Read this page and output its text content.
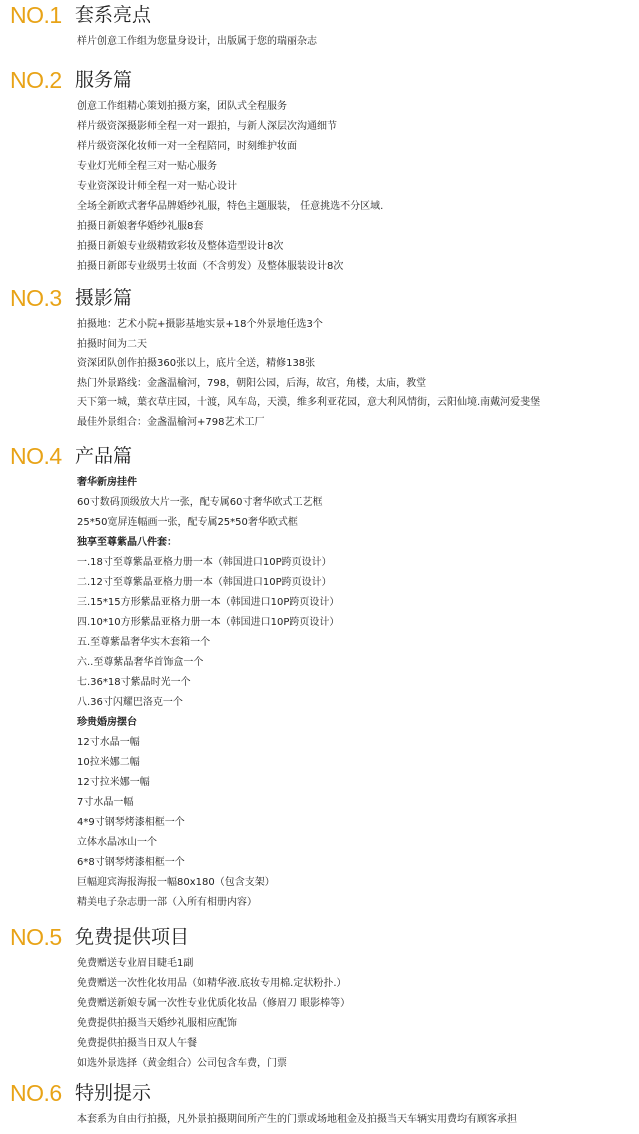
NO.1 套系亮点
样片创意工作组为您量身设计，出版属于您的瑞丽杂志
NO.2 服务篇
创意工作组精心策划拍摄方案，团队式全程服务
样片级资深摄影师全程一对一跟拍，与新人深层次沟通细节
样片级资深化妆师一对一全程陪同，时刻维护妆面
专业灯光师全程三对一贴心服务
专业资深设计师全程一对一贴心设计
全场全新欧式奢华品牌婚纱礼服，特色主题服装， 任意挑选不分区域.
拍摄日新娘奢华婚纱礼服8套
拍摄日新娘专业级精致彩妆及整体造型设计8次
拍摄日新郎专业级男士妆面（不含剪发）及整体服装设计8次
NO.3 摄影篇
拍摄地：艺术小院+摄影基地实景+18个外景地任选3个
拍摄时间为二天
资深团队创作拍摄360张以上，底片全送，精修138张
热门外景路线：金盏温榆河，798，朝阳公园，后海，故宫，角楼，太庙，教堂
天下第一城，葉衣草庄园，十渡，风车岛，天漠，维多利亚花园，意大利风情街，云阳仙境.南戴河爱斐堡
最佳外景组合：金盏温榆河+798艺术工厂
NO.4 产品篇
奢华新房挂件
60寸数码顶级放大片一张，配专属60寸奢华欧式工艺框
25*50宽屏连幅画一张，配专属25*50奢华欧式框
独享至尊紫晶八件套：
一.18寸至尊紫晶亚格力册一本（韩国进口10P跨页设计）
二.12寸至尊紫晶亚格力册一本（韩国进口10P跨页设计）
三.15*15方形紫晶亚格力册一本（韩国进口10P跨页设计）
四.10*10方形紫晶亚格力册一本（韩国进口10P跨页设计）
五.至尊紫晶奢华实木套箱一个
六..至尊紫晶奢华首饰盒一个
七.36*18寸紫晶时光一个
八.36寸闪耀巴洛克一个
珍贵婚房摆台
12寸水晶一幅
10拉米娜二幅
12寸拉米娜一幅
7寸水晶一幅
4*9寸钢琴烤漆相框一个
立体水晶冰山一个
6*8寸钢琴烤漆相框一个
巨幅迎宾海报海报一幅80x180（包含支架）
精美电子杂志册一部（入所有相册内容）
NO.5 免费提供项目
免费赠送专业眉目睫毛1副
免费赠送一次性化妆用品（如精华液.底妆专用棉.定状粉扑.）
免费赠送新娘专属一次性专业优质化妆品（修眉刀 眼影棒等）
免费提供拍摄当天婚纱礼服相应配饰
免费提供拍摄当日双人午餐
如选外景选择（黄金组合）公司包含车费，门票
NO.6 特别提示
本套系为自由行拍摄，凡外景拍摄期间所产生的门票或场地租金及拍摄当天车辆实用费均有顾客承担
